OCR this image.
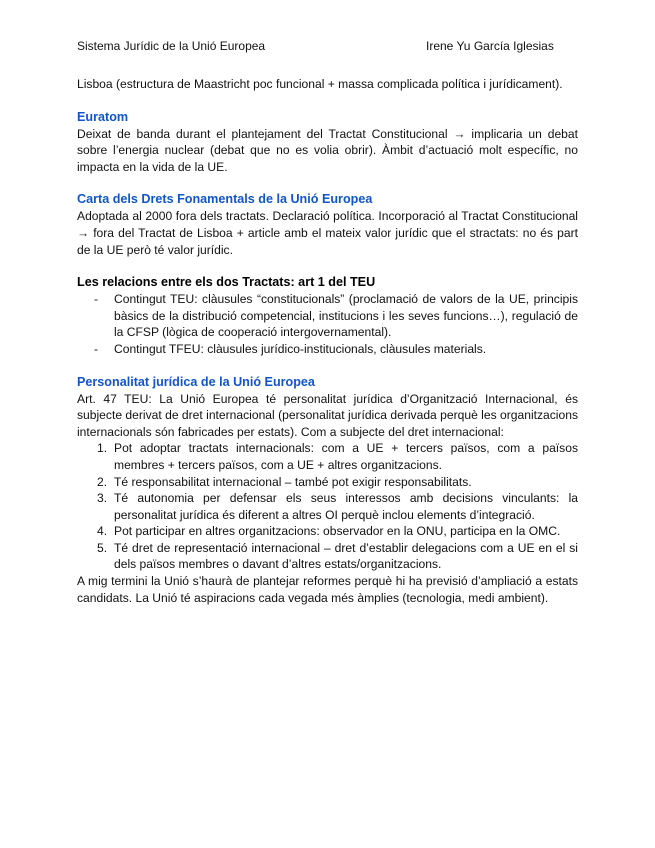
Sistema Jurídic de la Unió Europea	Irene Yu García Iglesias

Lisboa (estructura de Maastricht poc funcional + massa complicada política i jurídicament).

Euratom

Deixat de banda durant el plantejament del Tractat Constitucional → implicaria un debat sobre l’energia nuclear (debat que no es volia obrir). Àmbit d’actuació molt específic, no impacta en la vida de la UE.

Carta dels Drets Fonamentals de la Unió Europea

Adoptada al 2000 fora dels tractats. Declaració política. Incorporació al Tractat Constitucional → fora del Tractat de Lisboa + article amb el mateix valor jurídic que el stractats: no és part de la UE però té valor jurídic.

Les relacions entre els dos Tractats: art 1 del TEU
- Contingut TEU: clàusules “constitucionals” (proclamació de valors de la UE, principis bàsics de la distribució competencial, institucions i les seves funcions…), regulació de la CFSP (lògica de cooperació intergovernamental).
- Contingut TFEU: clàusules jurídico-institucionals, clàusules materials.
Personalitat jurídica de la Unió Europea

Art. 47 TEU: La Unió Europea té personalitat jurídica d’Organització Internacional, és subjecte derivat de dret internacional (personalitat jurídica derivada perquè les organitzacions internacionals són fabricades per estats). Com a subjecte del dret internacional:

1. Pot adoptar tractats internacionals: com a UE + tercers països, com a països membres + tercers països, com a UE + altres organitzacions.
2. Té responsabilitat internacional – també pot exigir responsabilitats.
3. Té autonomia per defensar els seus interessos amb decisions vinculants: la personalitat jurídica és diferent a altres OI perquè inclou elements d’integració.
4. Pot participar en altres organitzacions: observador en la ONU, participa en la OMC.
5. Té dret de representació internacional – dret d’establir delegacions com a UE en el si dels països membres o davant d’altres estats/organitzacions.

A mig termini la Unió s’haurà de plantejar reformes perquè hi ha previsió d’ampliació a estats candidats. La Unió té aspiracions cada vegada més àmplies (tecnologia, medi ambient).
